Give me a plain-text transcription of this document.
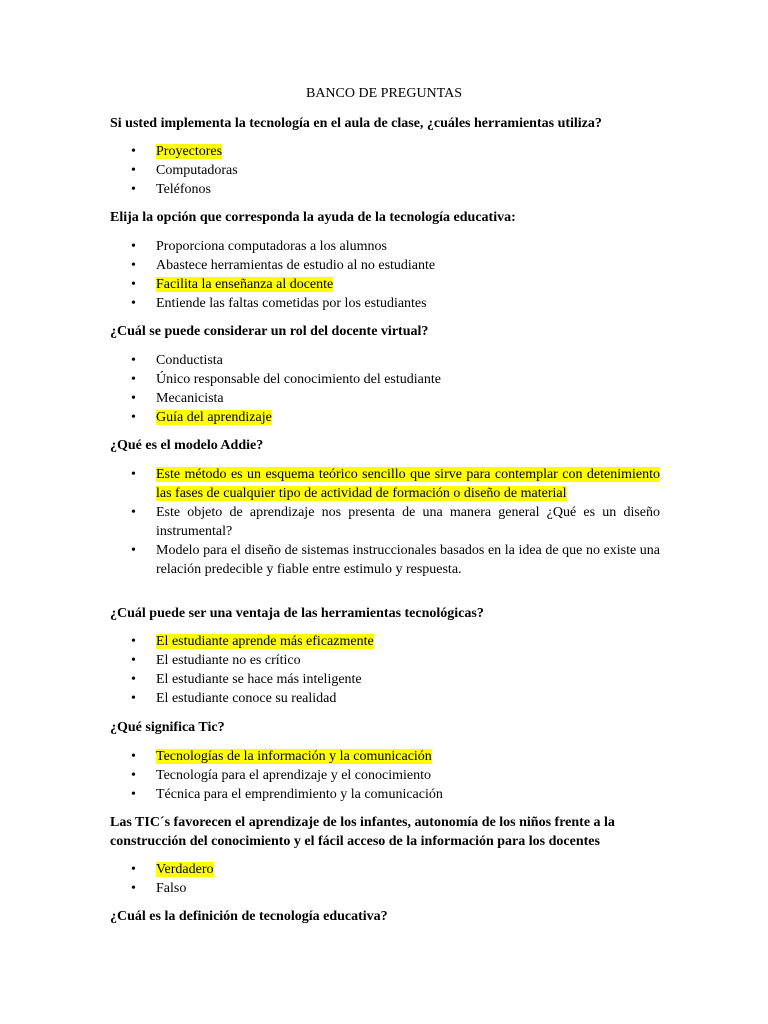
BANCO DE PREGUNTAS

Si usted implementa la tecnología en el aula de clase, ¿cuáles herramientas utiliza?

• Proyectores
• Computadoras
• Teléfonos

Elija la opción que corresponda la ayuda de la tecnología educativa:

• Proporciona computadoras a los alumnos
• Abastece herramientas de estudio al no estudiante
• Facilita la enseñanza al docente
• Entiende las faltas cometidas por los estudiantes

¿Cuál se puede considerar un rol del docente virtual?

• Conductista
• Único responsable del conocimiento del estudiante
• Mecanicista
• Guía del aprendizaje

¿Qué es el modelo Addie?

• Este método es un esquema teórico sencillo que sirve para contemplar con detenimiento las fases de cualquier tipo de actividad de formación o diseño de material
• Este objeto de aprendizaje nos presenta de una manera general ¿Qué es un diseño instrumental?
• Modelo para el diseño de sistemas instruccionales basados en la idea de que no existe una relación predecible y fiable entre estimulo y respuesta.

¿Cuál puede ser una ventaja de las herramientas tecnológicas?

• El estudiante aprende más eficazmente
• El estudiante no es crítico
• El estudiante se hace más inteligente
• El estudiante conoce su realidad

¿Qué significa Tic?

• Tecnologías de la información y la comunicación
• Tecnología para el aprendizaje y el conocimiento
• Técnica para el emprendimiento y la comunicación

Las TIC´s favorecen el aprendizaje de los infantes, autonomía de los niños frente a la construcción del conocimiento y el fácil acceso de la información para los docentes

• Verdadero
• Falso

¿Cuál es la definición de tecnología educativa?
